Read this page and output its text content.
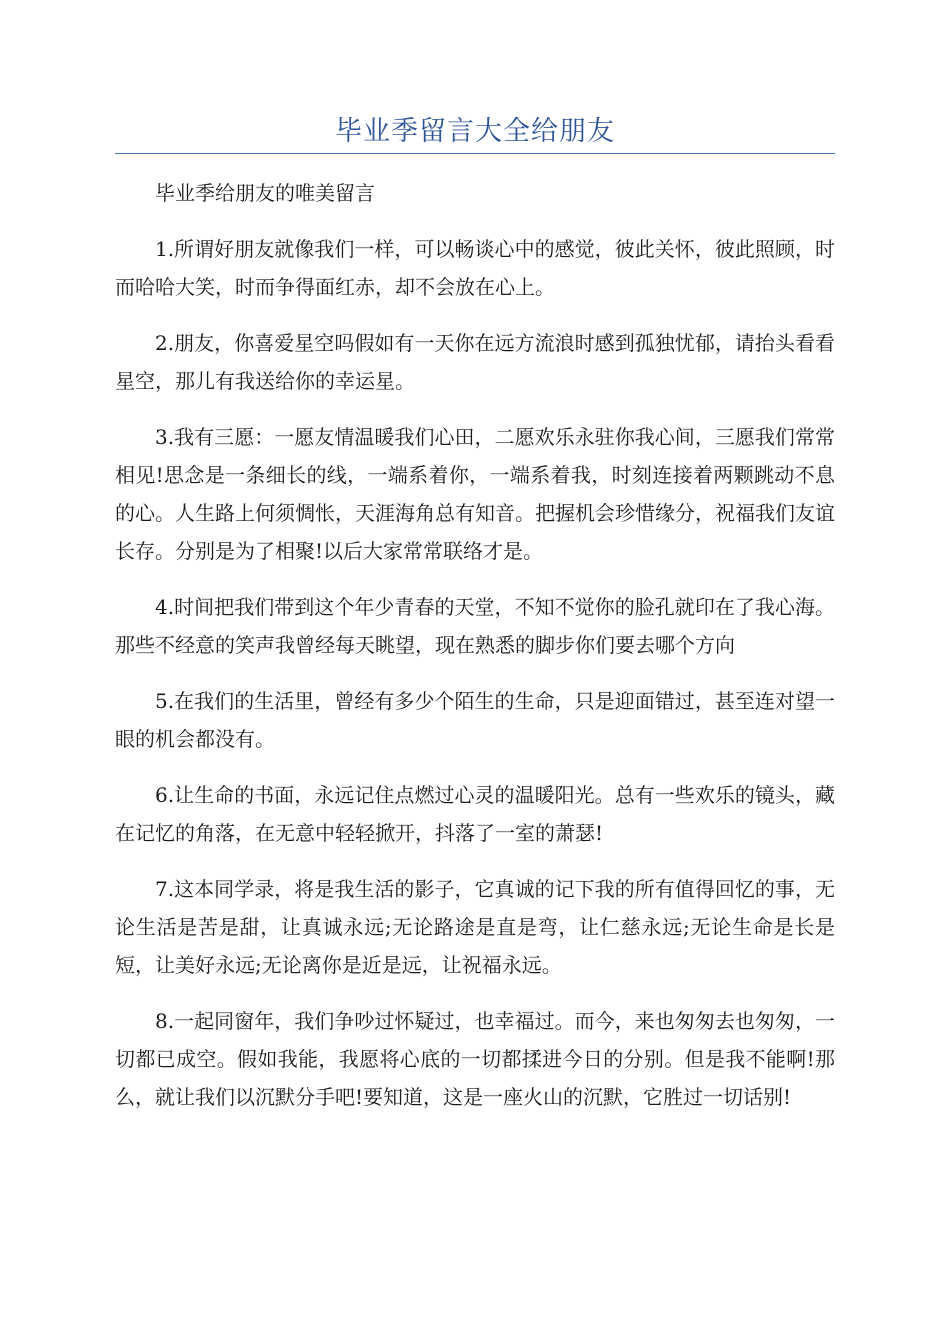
毕业季留言大全给朋友

毕业季给朋友的唯美留言

1.所谓好朋友就像我们一样，可以畅谈心中的感觉，彼此关怀，彼此照顾，时而哈哈大笑，时而争得面红赤，却不会放在心上。

2.朋友，你喜爱星空吗假如有一天你在远方流浪时感到孤独忧郁，请抬头看看星空，那儿有我送给你的幸运星。

3.我有三愿：一愿友情温暖我们心田，二愿欢乐永驻你我心间，三愿我们常常相见!思念是一条细长的线，一端系着你，一端系着我，时刻连接着两颗跳动不息的心。人生路上何须惆怅，天涯海角总有知音。把握机会珍惜缘分，祝福我们友谊长存。分别是为了相聚!以后大家常常联络才是。

4.时间把我们带到这个年少青春的天堂，不知不觉你的脸孔就印在了我心海。那些不经意的笑声我曾经每天眺望，现在熟悉的脚步你们要去哪个方向

5.在我们的生活里，曾经有多少个陌生的生命，只是迎面错过，甚至连对望一眼的机会都没有。

6.让生命的书面，永远记住点燃过心灵的温暖阳光。总有一些欢乐的镜头，藏在记忆的角落，在无意中轻轻掀开，抖落了一室的萧瑟!

7.这本同学录，将是我生活的影子，它真诚的记下我的所有值得回忆的事，无论生活是苦是甜，让真诚永远;无论路途是直是弯，让仁慈永远;无论生命是长是短，让美好永远;无论离你是近是远，让祝福永远。

8.一起同窗年，我们争吵过怀疑过，也幸福过。而今，来也匆匆去也匆匆，一切都已成空。假如我能，我愿将心底的一切都揉进今日的分别。但是我不能啊!那么，就让我们以沉默分手吧!要知道，这是一座火山的沉默，它胜过一切话别!
